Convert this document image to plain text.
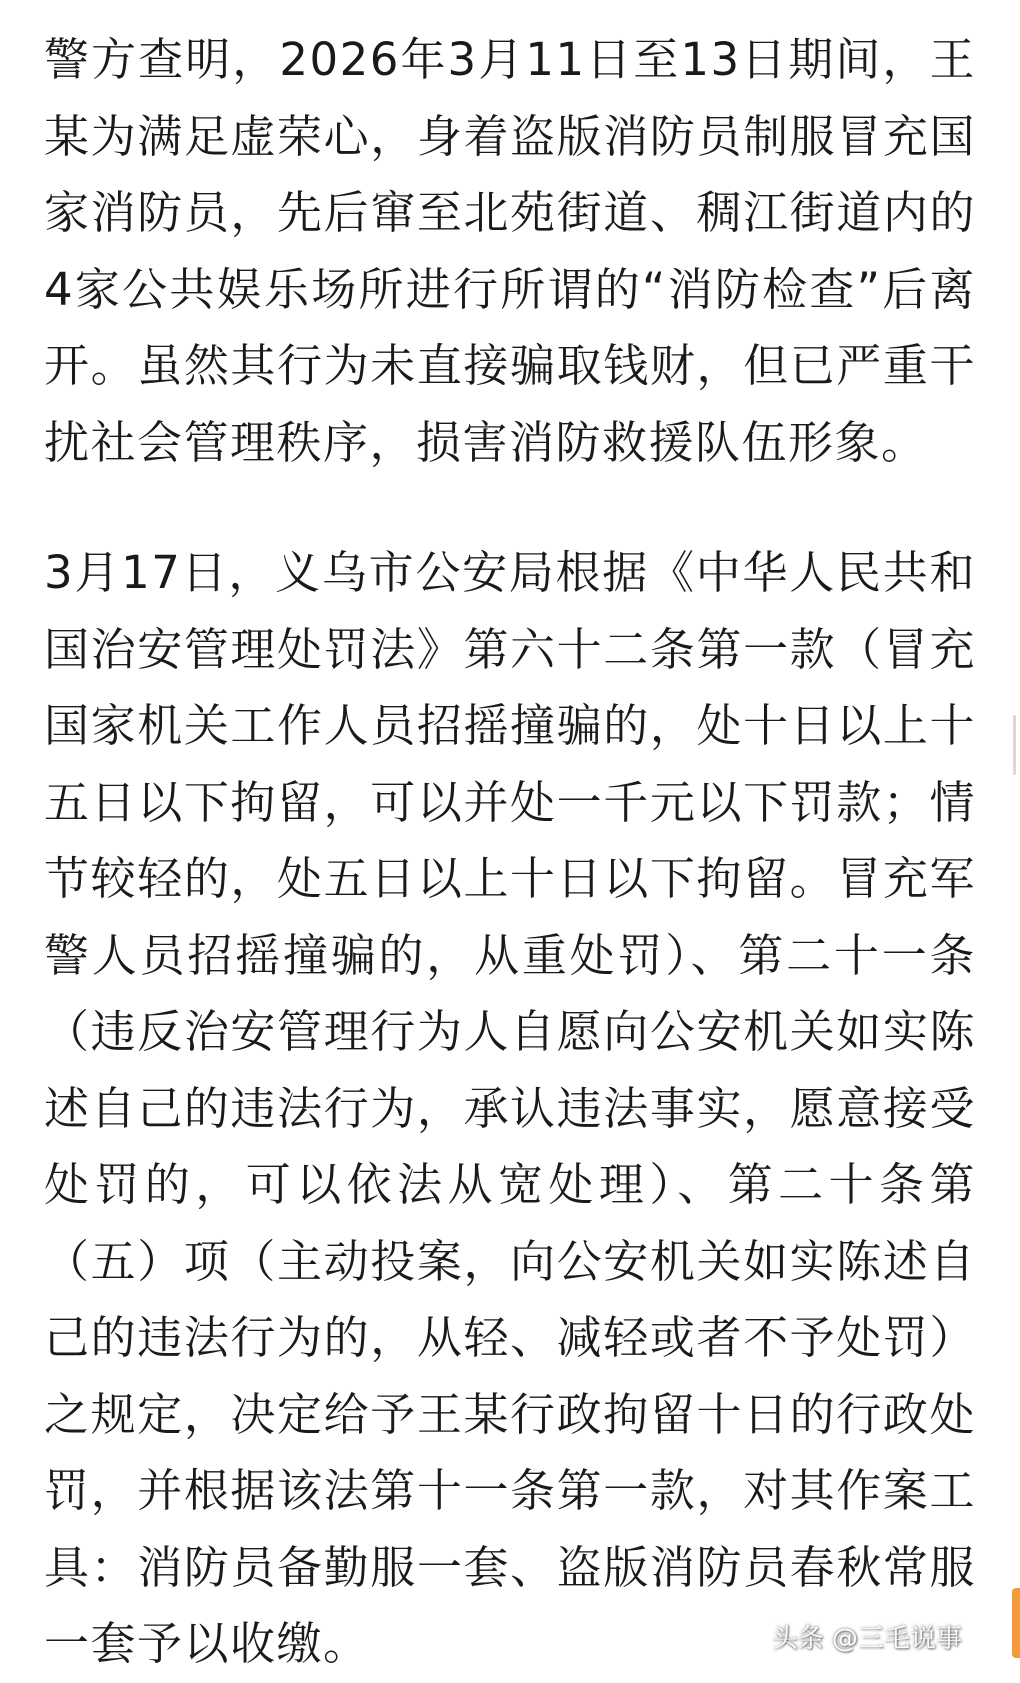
警方查明，2026年3月11日至13日期间，王某为满足虚荣心，身着盗版消防员制服冒充国家消防员，先后窜至北苑街道、稠江街道内的4家公共娱乐场所进行所谓的“消防检查”后离开。虽然其行为未直接骗取钱财，但已严重干扰社会管理秩序，损害消防救援队伍形象。

3月17日，义乌市公安局根据《中华人民共和国治安管理处罚法》第六十二条第一款（冒充国家机关工作人员招摇撞骗的，处十日以上十五日以下拘留，可以并处一千元以下罚款；情节较轻的，处五日以上十日以下拘留。冒充军警人员招摇撞骗的，从重处罚）、第二十一条（违反治安管理行为人自愿向公安机关如实陈述自己的违法行为，承认违法事实，愿意接受处罚的，可以依法从宽处理）、第二十条第（五）项（主动投案，向公安机关如实陈述自己的违法行为的，从轻、减轻或者不予处罚）之规定，决定给予王某行政拘留十日的行政处罚，并根据该法第十一条第一款，对其作案工具：消防员备勤服一套、盗版消防员春秋常服一套予以收缴。	头条 @三毛说事
